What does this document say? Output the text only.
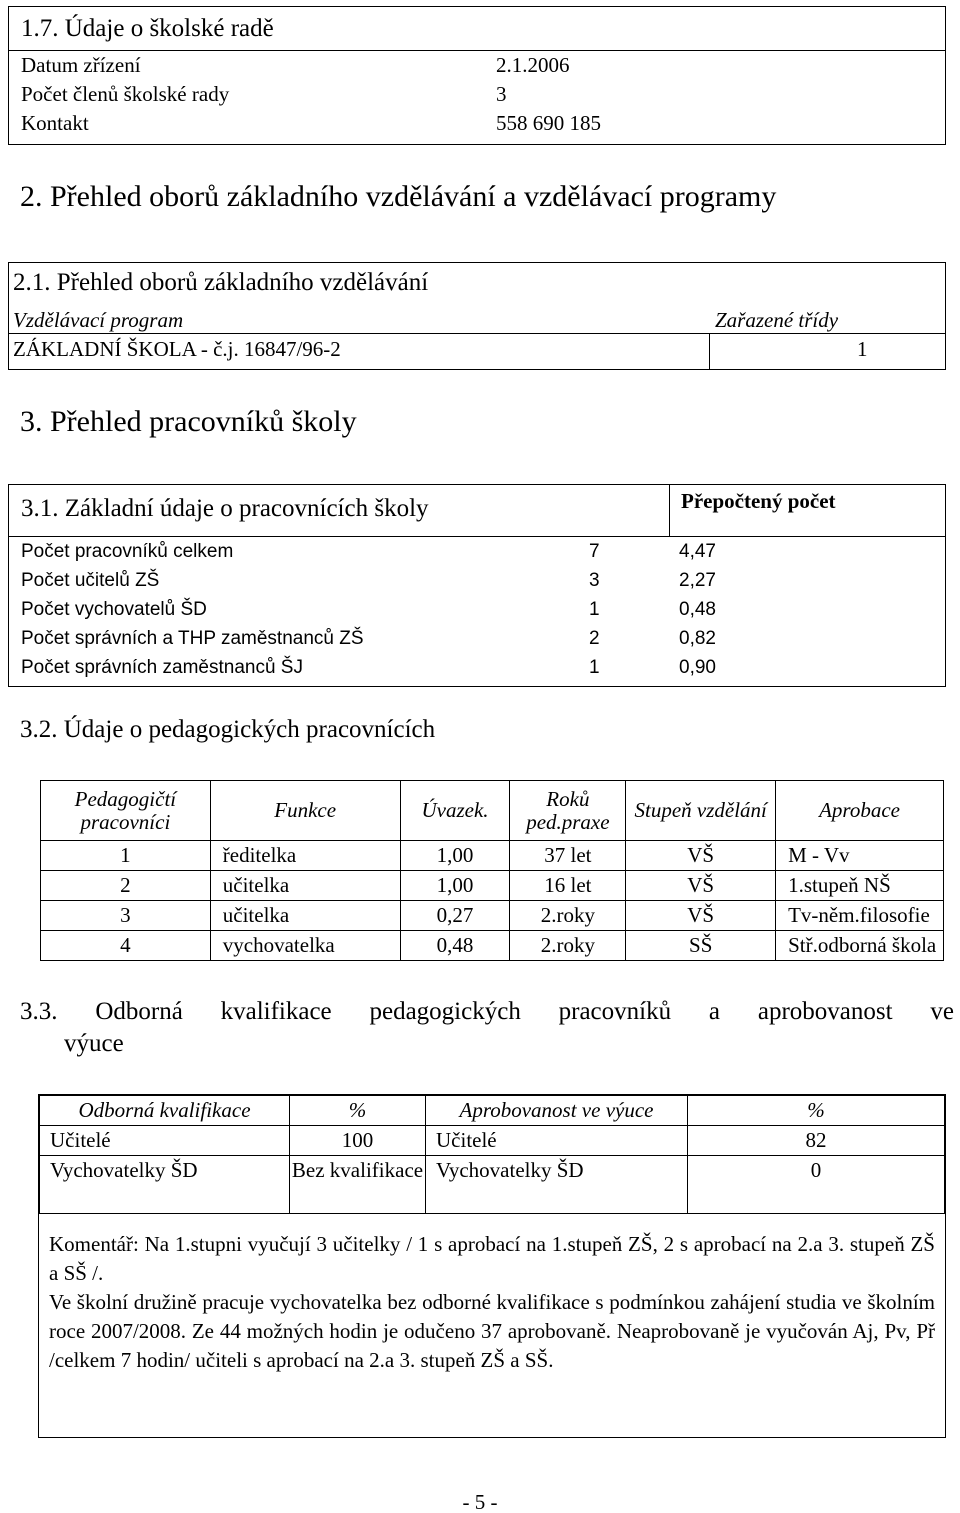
1.7. Údaje o školské radě
Datum zřízení	2.1.2006
Počet členů školské rady	3
Kontakt	558 690 185
2. Přehled oborů základního vzdělávání a vzdělávací programy
2.1. Přehled oborů základního vzdělávání
Vzdělávací program	Zařazené třídy
ZÁKLADNÍ ŠKOLA - č.j. 16847/96-2	1
3. Přehled pracovníků školy
3.1. Základní údaje o pracovnících školy	Přepočtený počet
Počet pracovníků celkem	7	4,47
Počet učitelů ZŠ	3	2,27
Počet vychovatelů ŠD	1	0,48
Počet správních a THP zaměstnanců ZŠ	2	0,82
Počet správních zaměstnanců ŠJ	1	0,90
3.2. Údaje o pedagogických pracovnících
Pedagogičtí pracovníci	Funkce	Úvazek.	Roků ped.praxe	Stupeň vzdělání	Aprobace
1	ředitelka	1,00	37 let	VŠ	M - Vv
2	učitelka	1,00	16 let	VŠ	1.stupeň NŠ
3	učitelka	0,27	2.roky	VŠ	Tv-něm.filosofie
4	vychovatelka	0,48	2.roky	SŠ	Stř.odborná škola
3.3. Odborná kvalifikace pedagogických pracovníků a aprobovanost ve
výuce
Odborná kvalifikace	%	Aprobovanost ve výuce	%
Učitelé	100	Učitelé	82
Vychovatelky ŠD	Bez kvalifikace	Vychovatelky ŠD	0

Komentář: Na 1.stupni vyučují 3 učitelky / 1 s aprobací na 1.stupeň ZŠ, 2 s aprobací na 2.a 3. stupeň ZŠ a SŠ /.

Ve školní družině pracuje vychovatelka bez odborné kvalifikace s podmínkou zahájení studia ve školním roce 2007/2008. Ze 44 možných hodin je odučeno 37 aprobovaně. Neaprobovaně je vyučován Aj, Pv, Př /celkem 7 hodin/ učiteli s aprobací na 2.a 3. stupeň ZŠ a SŠ.

- 5 -
